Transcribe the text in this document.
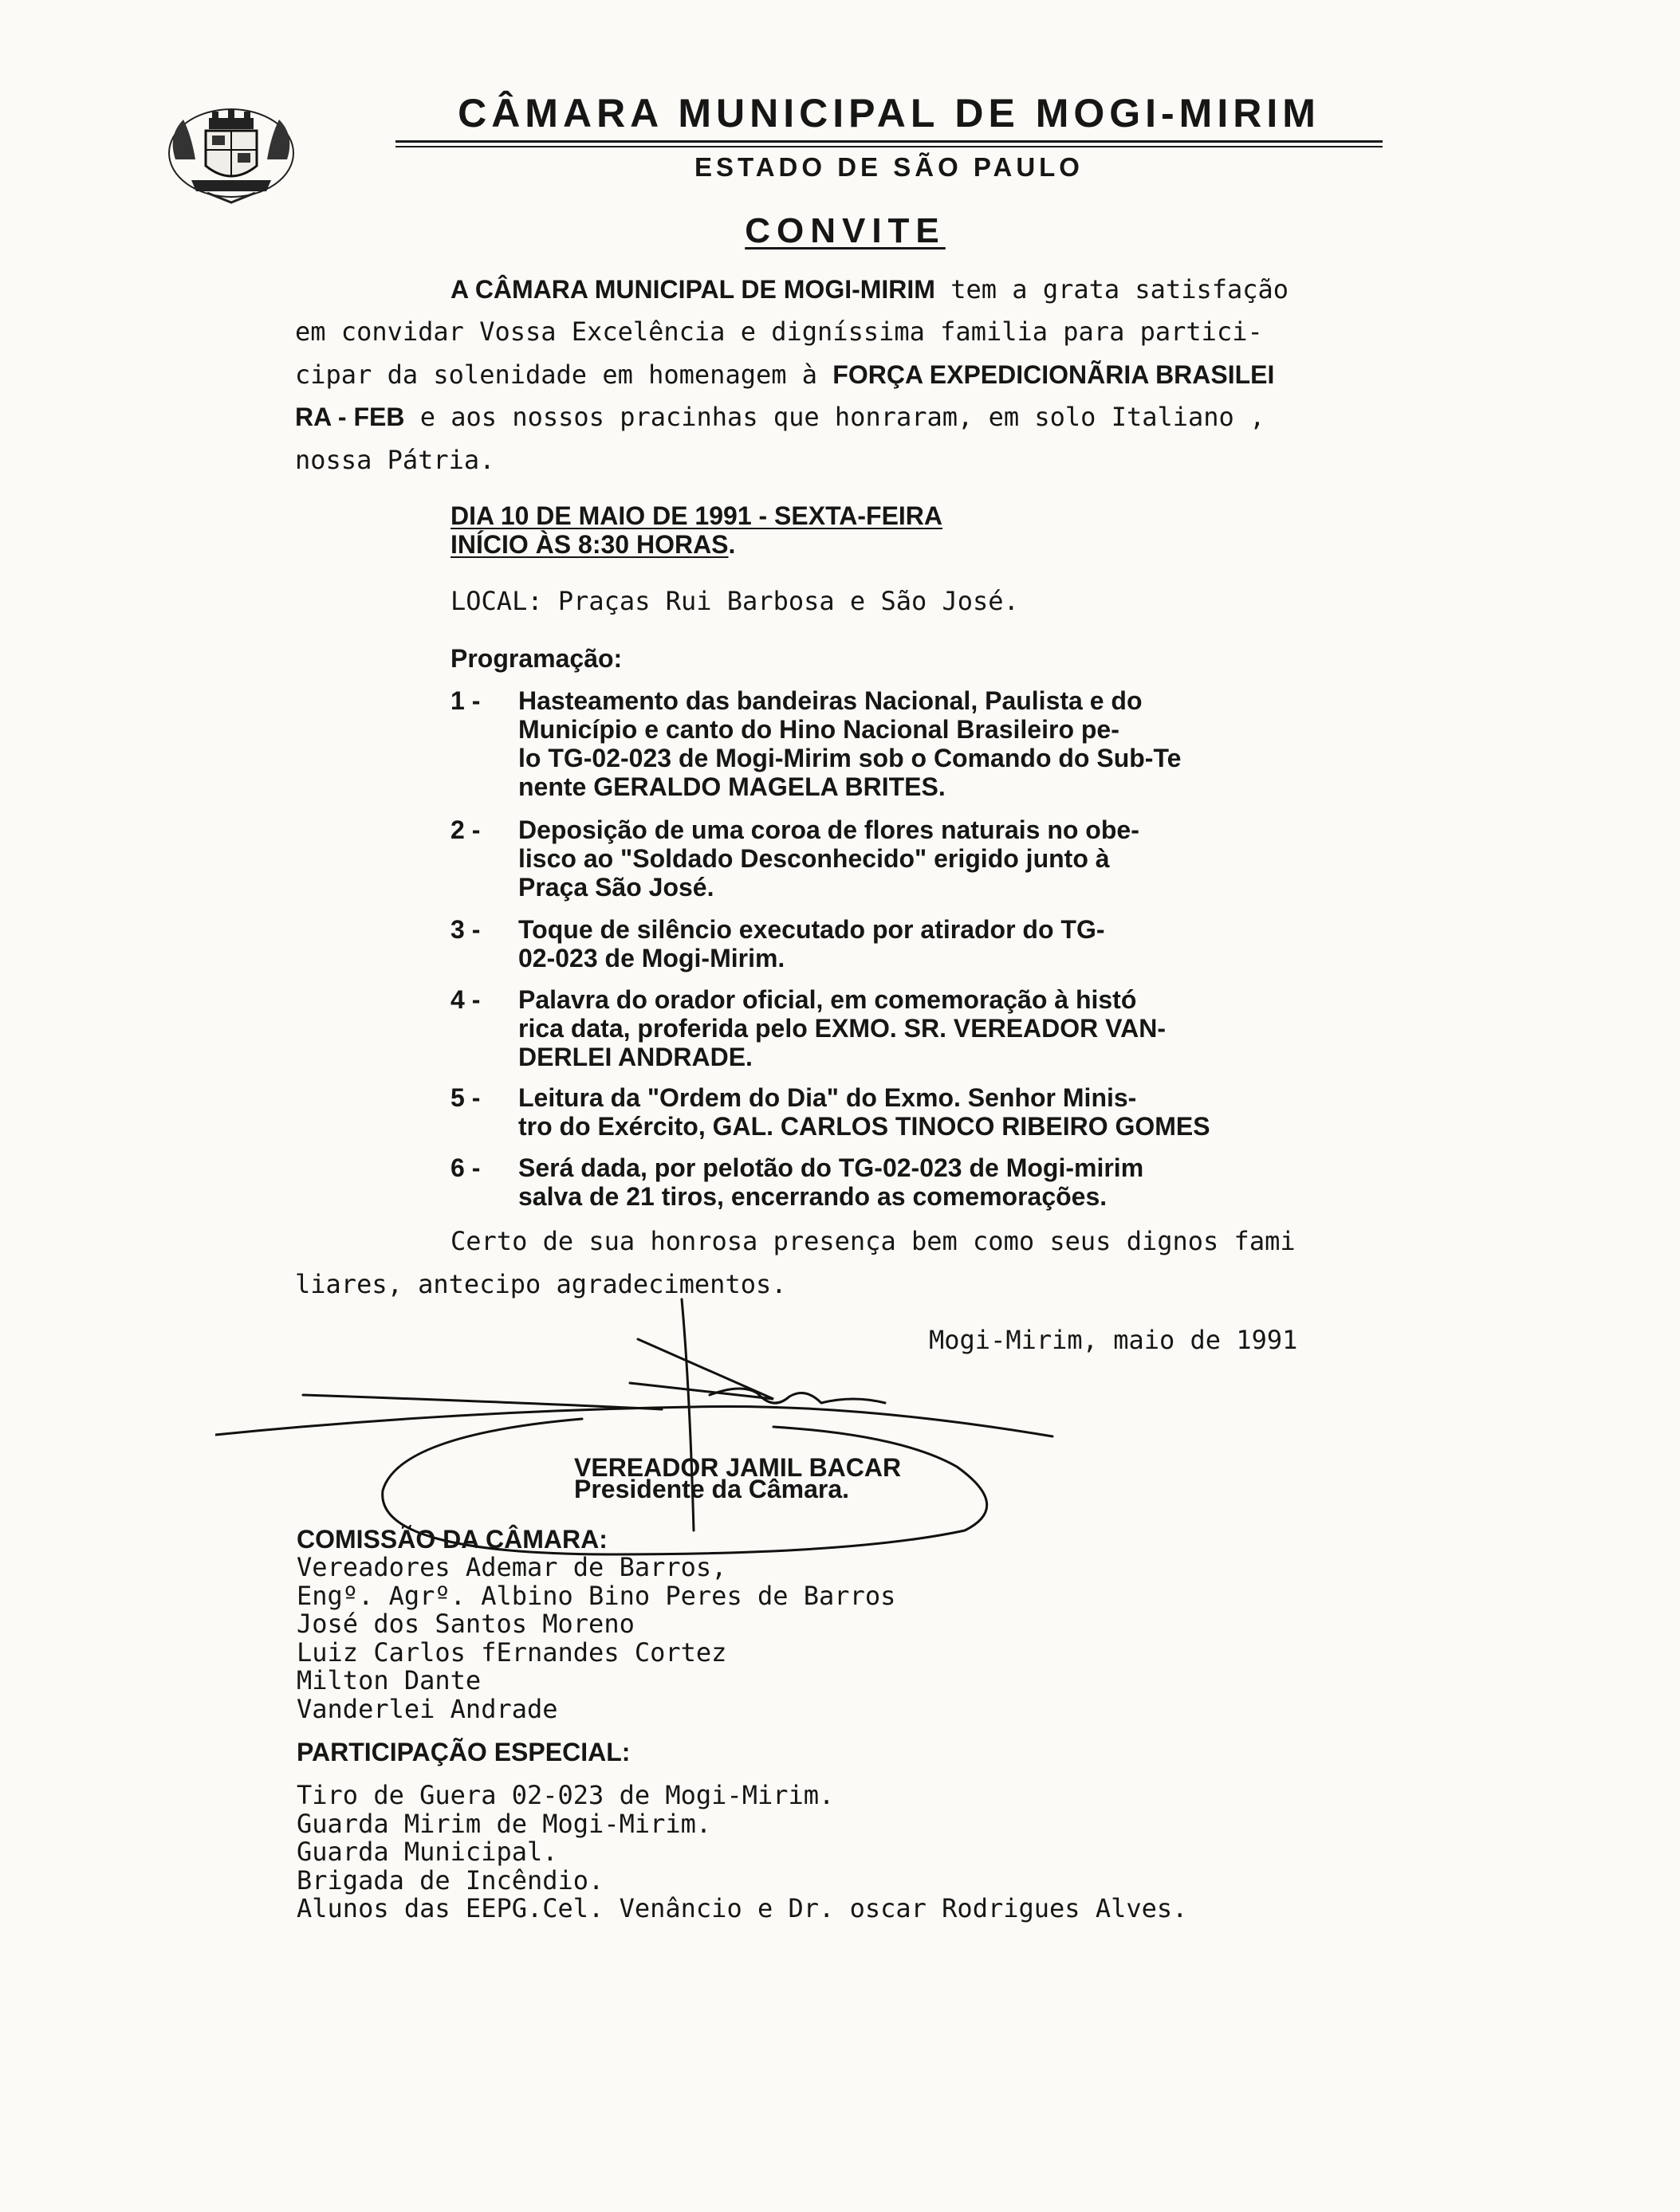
CÂMARA MUNICIPAL DE MOGI-MIRIM
ESTADO DE SÃO PAULO
CONVITE
A CÂMARA MUNICIPAL DE MOGI-MIRIM tem a grata satisfação
em convidar Vossa Excelência e digníssima familia para partici-
cipar da solenidade em homenagem à FORÇA EXPEDICIONÃRIA BRASILEI
RA - FEB e aos nossos pracinhas que honraram, em solo Italiano ,
nossa Pátria.
DIA 10 DE MAIO DE 1991 - SEXTA-FEIRA
INÍCIO ÀS 8:30 HORAS.
LOCAL: Praças Rui Barbosa e São José.
Programação:
1 - Hasteamento das bandeiras Nacional, Paulista e do
Município e canto do Hino Nacional Brasileiro pe-
lo TG-02-023 de Mogi-Mirim sob o Comando do Sub-Te
nente GERALDO MAGELA BRITES.
2 - Deposição de uma coroa de flores naturais no obe-
lisco ao "Soldado Desconhecido" erigido junto à
Praça São José.
3 - Toque de silêncio executado por atirador do TG-
02-023 de Mogi-Mirim.
4 - Palavra do orador oficial, em comemoração à histó
rica data, proferida pelo EXMO. SR. VEREADOR VAN-
DERLEI ANDRADE.
5 - Leitura da "Ordem do Dia" do Exmo. Senhor Minis-
tro do Exército, GAL. CARLOS TINOCO RIBEIRO GOMES
6 - Será dada, por pelotão do TG-02-023 de Mogi-mirim
salva de 21 tiros, encerrando as comemorações.
Certo de sua honrosa presença bem como seus dignos fami
liares, antecipo agradecimentos.
Mogi-Mirim, maio de 1991
VEREADOR JAMIL BACAR
Presidente da Câmara.
COMISSÃO DA CÂMARA:
Vereadores Ademar de Barros,
Engº. Agrº. Albino Bino Peres de Barros
José dos Santos Moreno
Luiz Carlos fErnandes Cortez
Milton Dante
Vanderlei Andrade
PARTICIPAÇÃO ESPECIAL:
Tiro de Guera 02-023 de Mogi-Mirim.
Guarda Mirim de Mogi-Mirim.
Guarda Municipal.
Brigada de Incêndio.
Alunos das EEPG.Cel. Venâncio e Dr. oscar Rodrigues Alves.
